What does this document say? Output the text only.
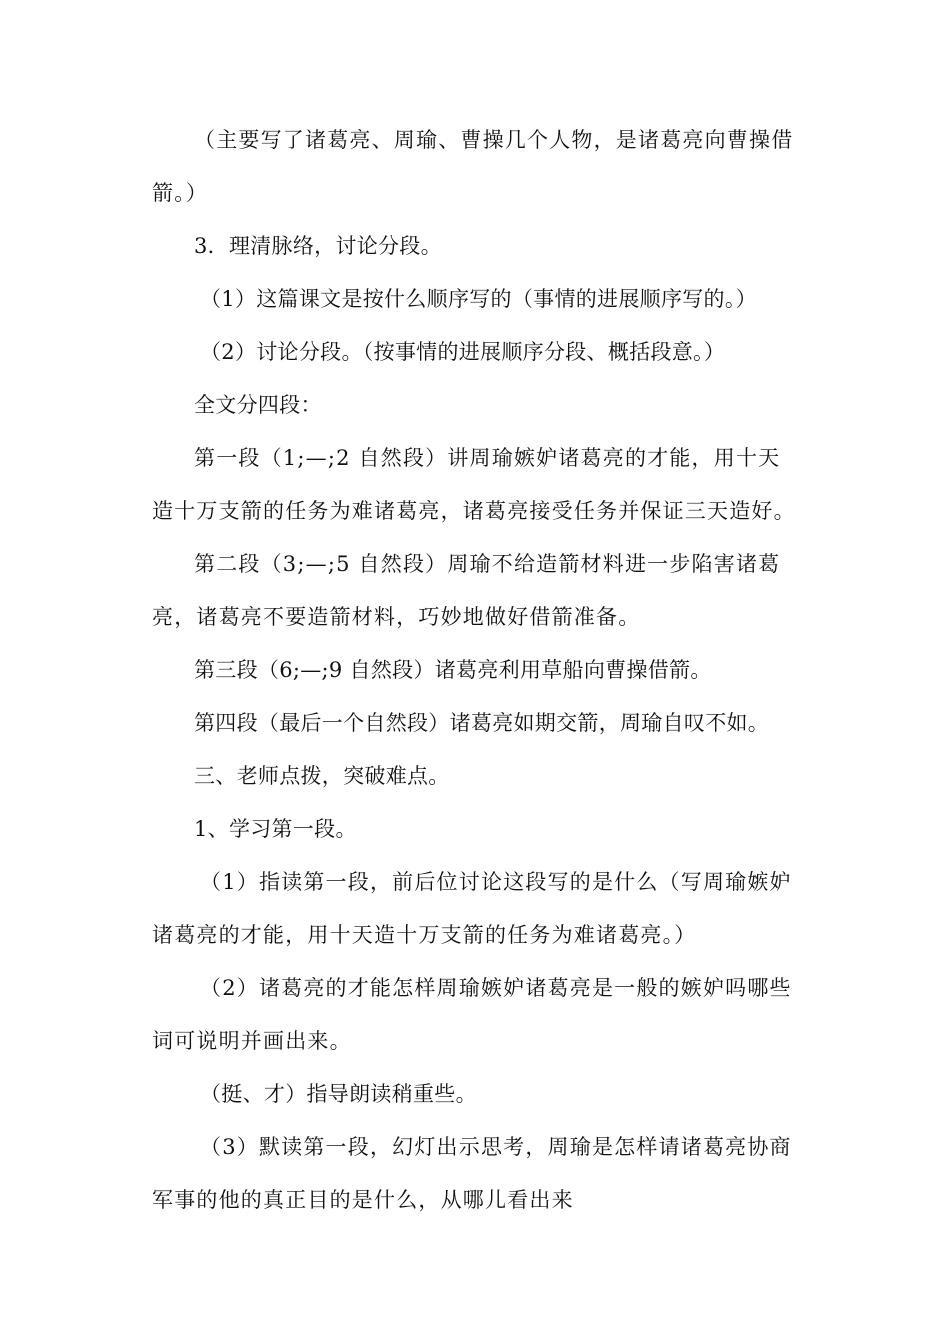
（主要写了诸葛亮、周瑜、曹操几个人物，是诸葛亮向曹操借箭。）

3．理清脉络，讨论分段。

（1）这篇课文是按什么顺序写的（事情的进展顺序写的。）

（2）讨论分段。（按事情的进展顺序分段、概括段意。）

全文分四段：

第一段（1;—;2 自然段）讲周瑜嫉妒诸葛亮的才能，用十天造十万支箭的任务为难诸葛亮，诸葛亮接受任务并保证三天造好。

第二段（3;—;5 自然段）周瑜不给造箭材料进一步陷害诸葛亮，诸葛亮不要造箭材料，巧妙地做好借箭准备。

第三段（6;—;9 自然段）诸葛亮利用草船向曹操借箭。

第四段（最后一个自然段）诸葛亮如期交箭，周瑜自叹不如。

三、老师点拨，突破难点。

1、学习第一段。

（1）指读第一段，前后位讨论这段写的是什么（写周瑜嫉妒诸葛亮的才能，用十天造十万支箭的任务为难诸葛亮。）

（2）诸葛亮的才能怎样周瑜嫉妒诸葛亮是一般的嫉妒吗哪些词可说明并画出来。

（挺、才）指导朗读稍重些。

（3）默读第一段，幻灯出示思考，周瑜是怎样请诸葛亮协商军事的他的真正目的是什么，从哪儿看出来
